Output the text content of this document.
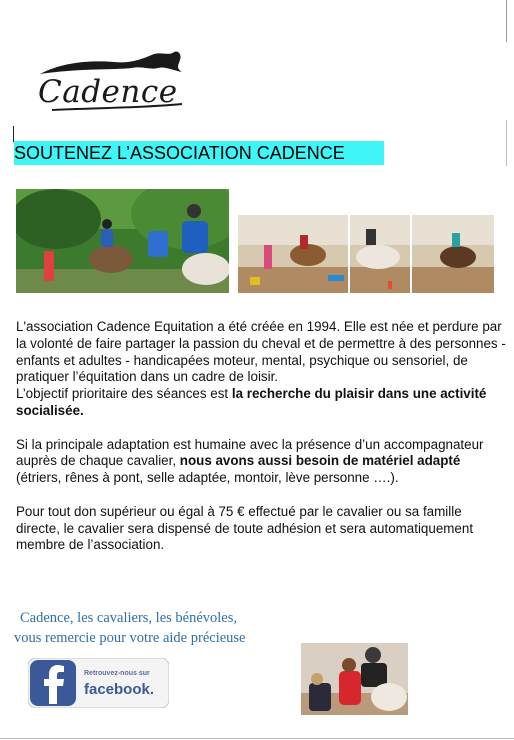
Cadence
SOUTENEZ L’ASSOCIATION CADENCE

L'association Cadence Equitation a été créée en 1994. Elle est née et perdure par la volonté de faire partager la passion du cheval et de permettre à des personnes - enfants et adultes - handicapées moteur, mental, psychique ou sensoriel, de pratiquer l’équitation dans un cadre de loisir.

L’objectif prioritaire des séances est la recherche du plaisir dans une activité socialisée.

Si la principale adaptation est humaine avec la présence d’un accompagnateur auprès de chaque cavalier, nous avons aussi besoin de matériel adapté (étriers, rênes à pont, selle adaptée, montoir, lève personne ….).

Pour tout don supérieur ou égal à 75 € effectué par le cavalier ou sa famille directe, le cavalier sera dispensé de toute adhésion et sera automatiquement membre de l’association.

Cadence, les cavaliers, les bénévoles,
vous remercie pour votre aide précieuse
Retrouvez-nous sur
facebook.
